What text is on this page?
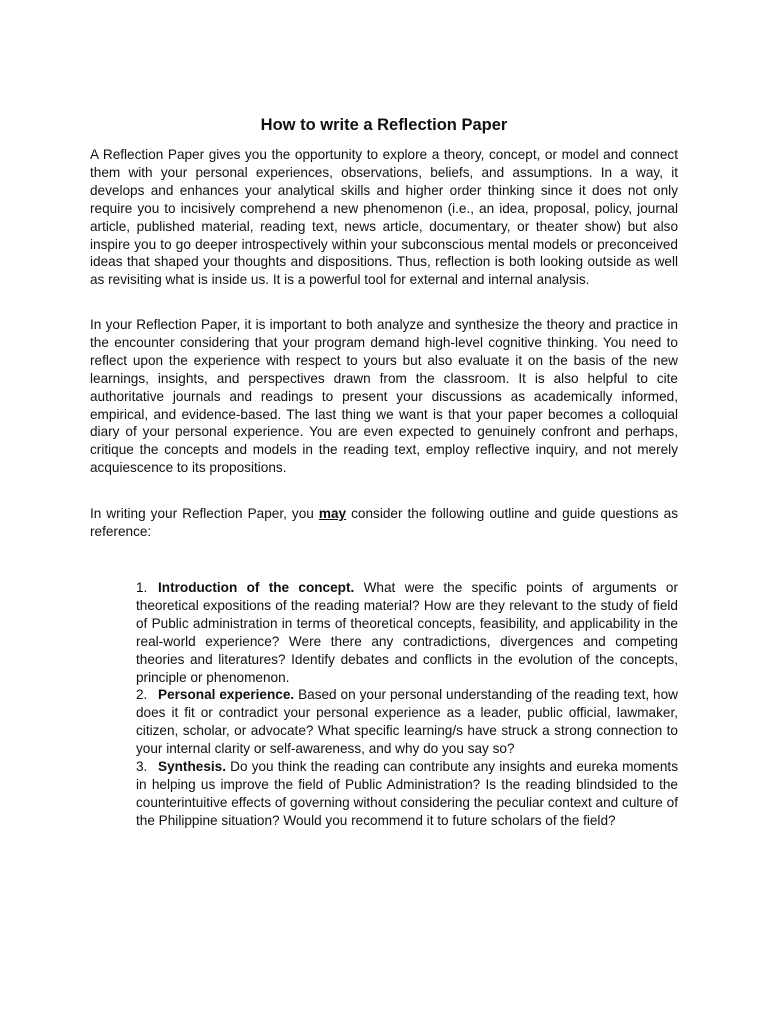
How to write a Reflection Paper

A Reflection Paper gives you the opportunity to explore a theory, concept, or model and connect them with your personal experiences, observations, beliefs, and assumptions. In a way, it develops and enhances your analytical skills and higher order thinking since it does not only require you to incisively comprehend a new phenomenon (i.e., an idea, proposal, policy, journal article, published material, reading text, news article, documentary, or theater show) but also inspire you to go deeper introspectively within your subconscious mental models or preconceived ideas that shaped your thoughts and dispositions. Thus, reflection is both looking outside as well as revisiting what is inside us. It is a powerful tool for external and internal analysis.

In your Reflection Paper, it is important to both analyze and synthesize the theory and practice in the encounter considering that your program demand high-level cognitive thinking. You need to reflect upon the experience with respect to yours but also evaluate it on the basis of the new learnings, insights, and perspectives drawn from the classroom. It is also helpful to cite authoritative journals and readings to present your discussions as academically informed, empirical, and evidence-based. The last thing we want is that your paper becomes a colloquial diary of your personal experience. You are even expected to genuinely confront and perhaps, critique the concepts and models in the reading text, employ reflective inquiry, and not merely acquiescence to its propositions.

In writing your Reflection Paper, you may consider the following outline and guide questions as reference:

1. Introduction of the concept. What were the specific points of arguments or theoretical expositions of the reading material? How are they relevant to the study of field of Public administration in terms of theoretical concepts, feasibility, and applicability in the real-world experience? Were there any contradictions, divergences and competing theories and literatures? Identify debates and conflicts in the evolution of the concepts, principle or phenomenon.
2. Personal experience. Based on your personal understanding of the reading text, how does it fit or contradict your personal experience as a leader, public official, lawmaker, citizen, scholar, or advocate? What specific learning/s have struck a strong connection to your internal clarity or self-awareness, and why do you say so?
3. Synthesis. Do you think the reading can contribute any insights and eureka moments in helping us improve the field of Public Administration? Is the reading blindsided to the counterintuitive effects of governing without considering the peculiar context and culture of the Philippine situation? Would you recommend it to future scholars of the field?
